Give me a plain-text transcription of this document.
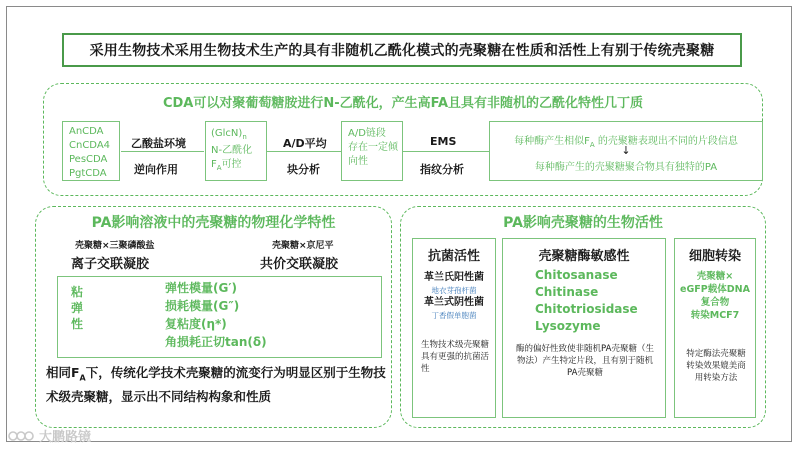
采用生物技术采用生物技术生产的具有非随机乙酰化模式的壳聚糖在性质和活性上有别于传统壳聚糖
CDA可以对聚葡萄糖胺进行N-乙酰化，产生高FA且具有非随机的乙酰化特性几丁质
AnCDA
CnCDA4
PesCDA
PgtCDA
乙酸盐环境
逆向作用
$(GlcN)_n$
N-乙酰化
$F_A$可控
A/D平均
块分析
A/D链段
存在一定倾
向性
EMS
指纹分析
每种酶产生相似$F_A$ 的壳聚糖表现出不同的片段信息
↓
每种酶产生的壳聚糖聚合物具有独特的PA
PA影响溶液中的壳聚糖的物理化学特性
壳聚糖×三聚磷酸盐
离子交联凝胶
壳聚糖×京尼平
共价交联凝胶
粘
弹
性
弹性模量(G′)
损耗模量(G″)
复粘度(η*)
角损耗正切tan(δ)
相同$F_A$下，传统化学技术壳聚糖的流变行为明显区别于生物技术级壳聚糖，显示出不同结构构象和性质
PA影响壳聚糖的生物活性
抗菌活性
革兰氏阳性菌
地衣芽孢杆菌
革兰式阴性菌
丁香假单胞菌
生物技术级壳聚糖具有更强的抗菌活性
壳聚糖酶敏感性
Chitosanase
Chitinase
Chitotriosidase
Lysozyme
酶的偏好性致使非随机PA壳聚糖（生物法）产生特定片段，且有别于随机PA壳聚糖
细胞转染
壳聚糖×
eGFP载体DNA
复合物
转染MCF7
特定酶法壳聚糖转染效果媲美商用转染方法
大鹏路镜
